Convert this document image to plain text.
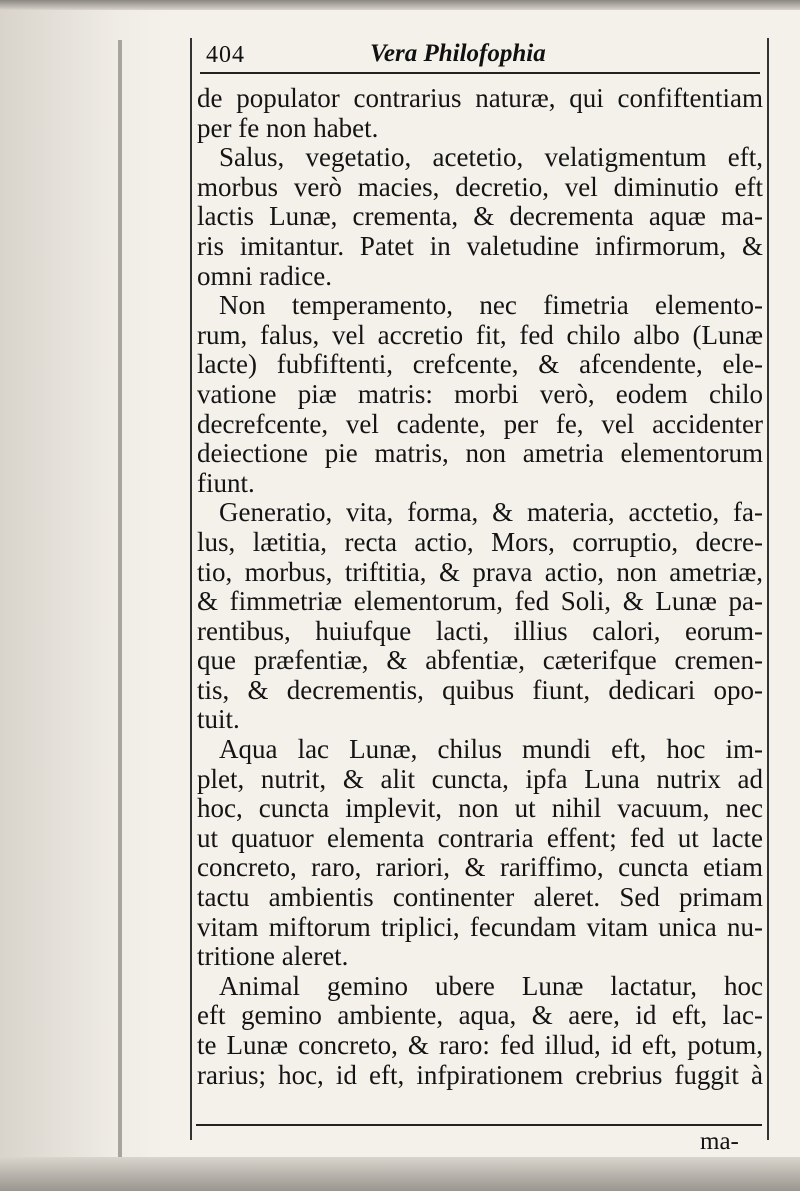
404	Vera Philofophia
de populator contrarius naturæ, qui confiftentiam
per fe non habet.
Salus, vegetatio, acetetio, velatigmentum eft,
morbus verò macies, decretio, vel diminutio eft
lactis Lunæ, crementa, & decrementa aquæ ma-
ris imitantur. Patet in valetudine infirmorum, &
omni radice.
Non temperamento, nec fimetria elemento-
rum, falus, vel accretio fit, fed chilo albo (Lunæ
lacte) fubfiftenti, crefcente, & afcendente, ele-
vatione piæ matris: morbi verò, eodem chilo
decrefcente, vel cadente, per fe, vel accidenter
deiectione pie matris, non ametria elementorum
fiunt.
Generatio, vita, forma, & materia, acctetio, fa-
lus, lætitia, recta actio, Mors, corruptio, decre-
tio, morbus, triftitia, & prava actio, non ametriæ,
& fimmetriæ elementorum, fed Soli, & Lunæ pa-
rentibus, huiufque lacti, illius calori, eorum-
que præfentiæ, & abfentiæ, cæterifque cremen-
tis, & decrementis, quibus fiunt, dedicari opo-
tuit.
Aqua lac Lunæ, chilus mundi eft, hoc im-
plet, nutrit, & alit cuncta, ipfa Luna nutrix ad
hoc, cuncta implevit, non ut nihil vacuum, nec
ut quatuor elementa contraria effent; fed ut lacte
concreto, raro, rariori, & rariffimo, cuncta etiam
tactu ambientis continenter aleret. Sed primam
vitam miftorum triplici, fecundam vitam unica nu-
tritione aleret.
Animal gemino ubere Lunæ lactatur, hoc
eft gemino ambiente, aqua, & aere, id eft, lac-
te Lunæ concreto, & raro: fed illud, id eft, potum,
rarius; hoc, id eft, infpirationem crebrius fuggit à
ma-
